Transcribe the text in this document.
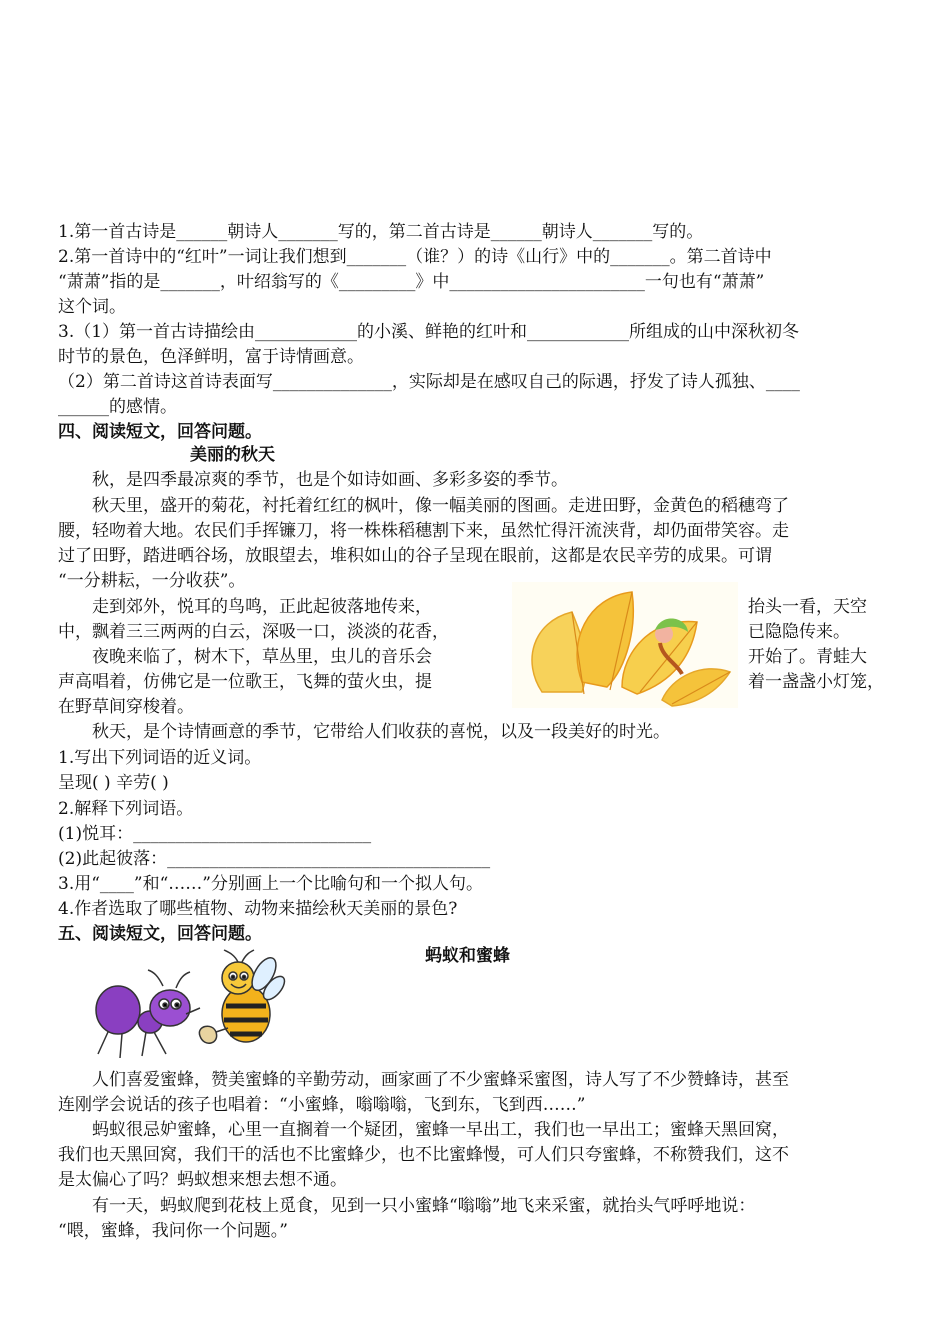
1.第一首古诗是______朝诗人_______写的，第二首古诗是______朝诗人_______写的。
2.第一首诗中的“红叶”一词让我们想到_______（谁？）的诗《山行》中的_______。第二首诗中
“萧萧”指的是_______，叶绍翁写的《_________》中_______________________一句也有“萧萧”
这个词。
3.（1）第一首古诗描绘由____________的小溪、鲜艳的红叶和____________所组成的山中深秋初冬
时节的景色，色泽鲜明，富于诗情画意。
（2）第二首诗这首诗表面写______________，实际却是在感叹自己的际遇，抒发了诗人孤独、____
______的感情。
四、阅读短文，回答问题。
美丽的秋天
秋，是四季最凉爽的季节，也是个如诗如画、多彩多姿的季节。
秋天里，盛开的菊花，衬托着红红的枫叶，像一幅美丽的图画。走进田野，金黄色的稻穗弯了
腰，轻吻着大地。农民们手挥镰刀，将一株株稻穗割下来，虽然忙得汗流浃背，却仍面带笑容。走
过了田野，踏进晒谷场，放眼望去，堆积如山的谷子呈现在眼前，这都是农民辛劳的成果。可谓
“一分耕耘，一分收获”。
走到郊外，悦耳的鸟鸣，正此起彼落地传来，	抬头一看，天空
中，飘着三三两两的白云，深吸一口，淡淡的花香，	已隐隐传来。
夜晚来临了，树木下，草丛里，虫儿的音乐会	开始了。青蛙大
声高唱着，仿佛它是一位歌王，飞舞的萤火虫，提	着一盏盏小灯笼，
在野草间穿梭着。
秋天，是个诗情画意的季节，它带给人们收获的喜悦，以及一段美好的时光。
1.写出下列词语的近义词。
呈现( ) 辛劳( )
2.解释下列词语。
(1)悦耳：____________________________
(2)此起彼落：______________________________________
3.用“____”和“……”分别画上一个比喻句和一个拟人句。
4.作者选取了哪些植物、动物来描绘秋天美丽的景色?
五、阅读短文，回答问题。
蚂蚁和蜜蜂
人们喜爱蜜蜂，赞美蜜蜂的辛勤劳动，画家画了不少蜜蜂采蜜图，诗人写了不少赞蜂诗，甚至
连刚学会说话的孩子也唱着：“小蜜蜂，嗡嗡嗡，飞到东，飞到西……”
蚂蚁很忌妒蜜蜂，心里一直搁着一个疑团，蜜蜂一早出工，我们也一早出工；蜜蜂天黑回窝，
我们也天黑回窝，我们干的活也不比蜜蜂少，也不比蜜蜂慢，可人们只夸蜜蜂，不称赞我们，这不
是太偏心了吗？蚂蚁想来想去想不通。
有一天，蚂蚁爬到花枝上觅食，见到一只小蜜蜂“嗡嗡”地飞来采蜜，就抬头气呼呼地说：
“喂，蜜蜂，我问你一个问题。”
